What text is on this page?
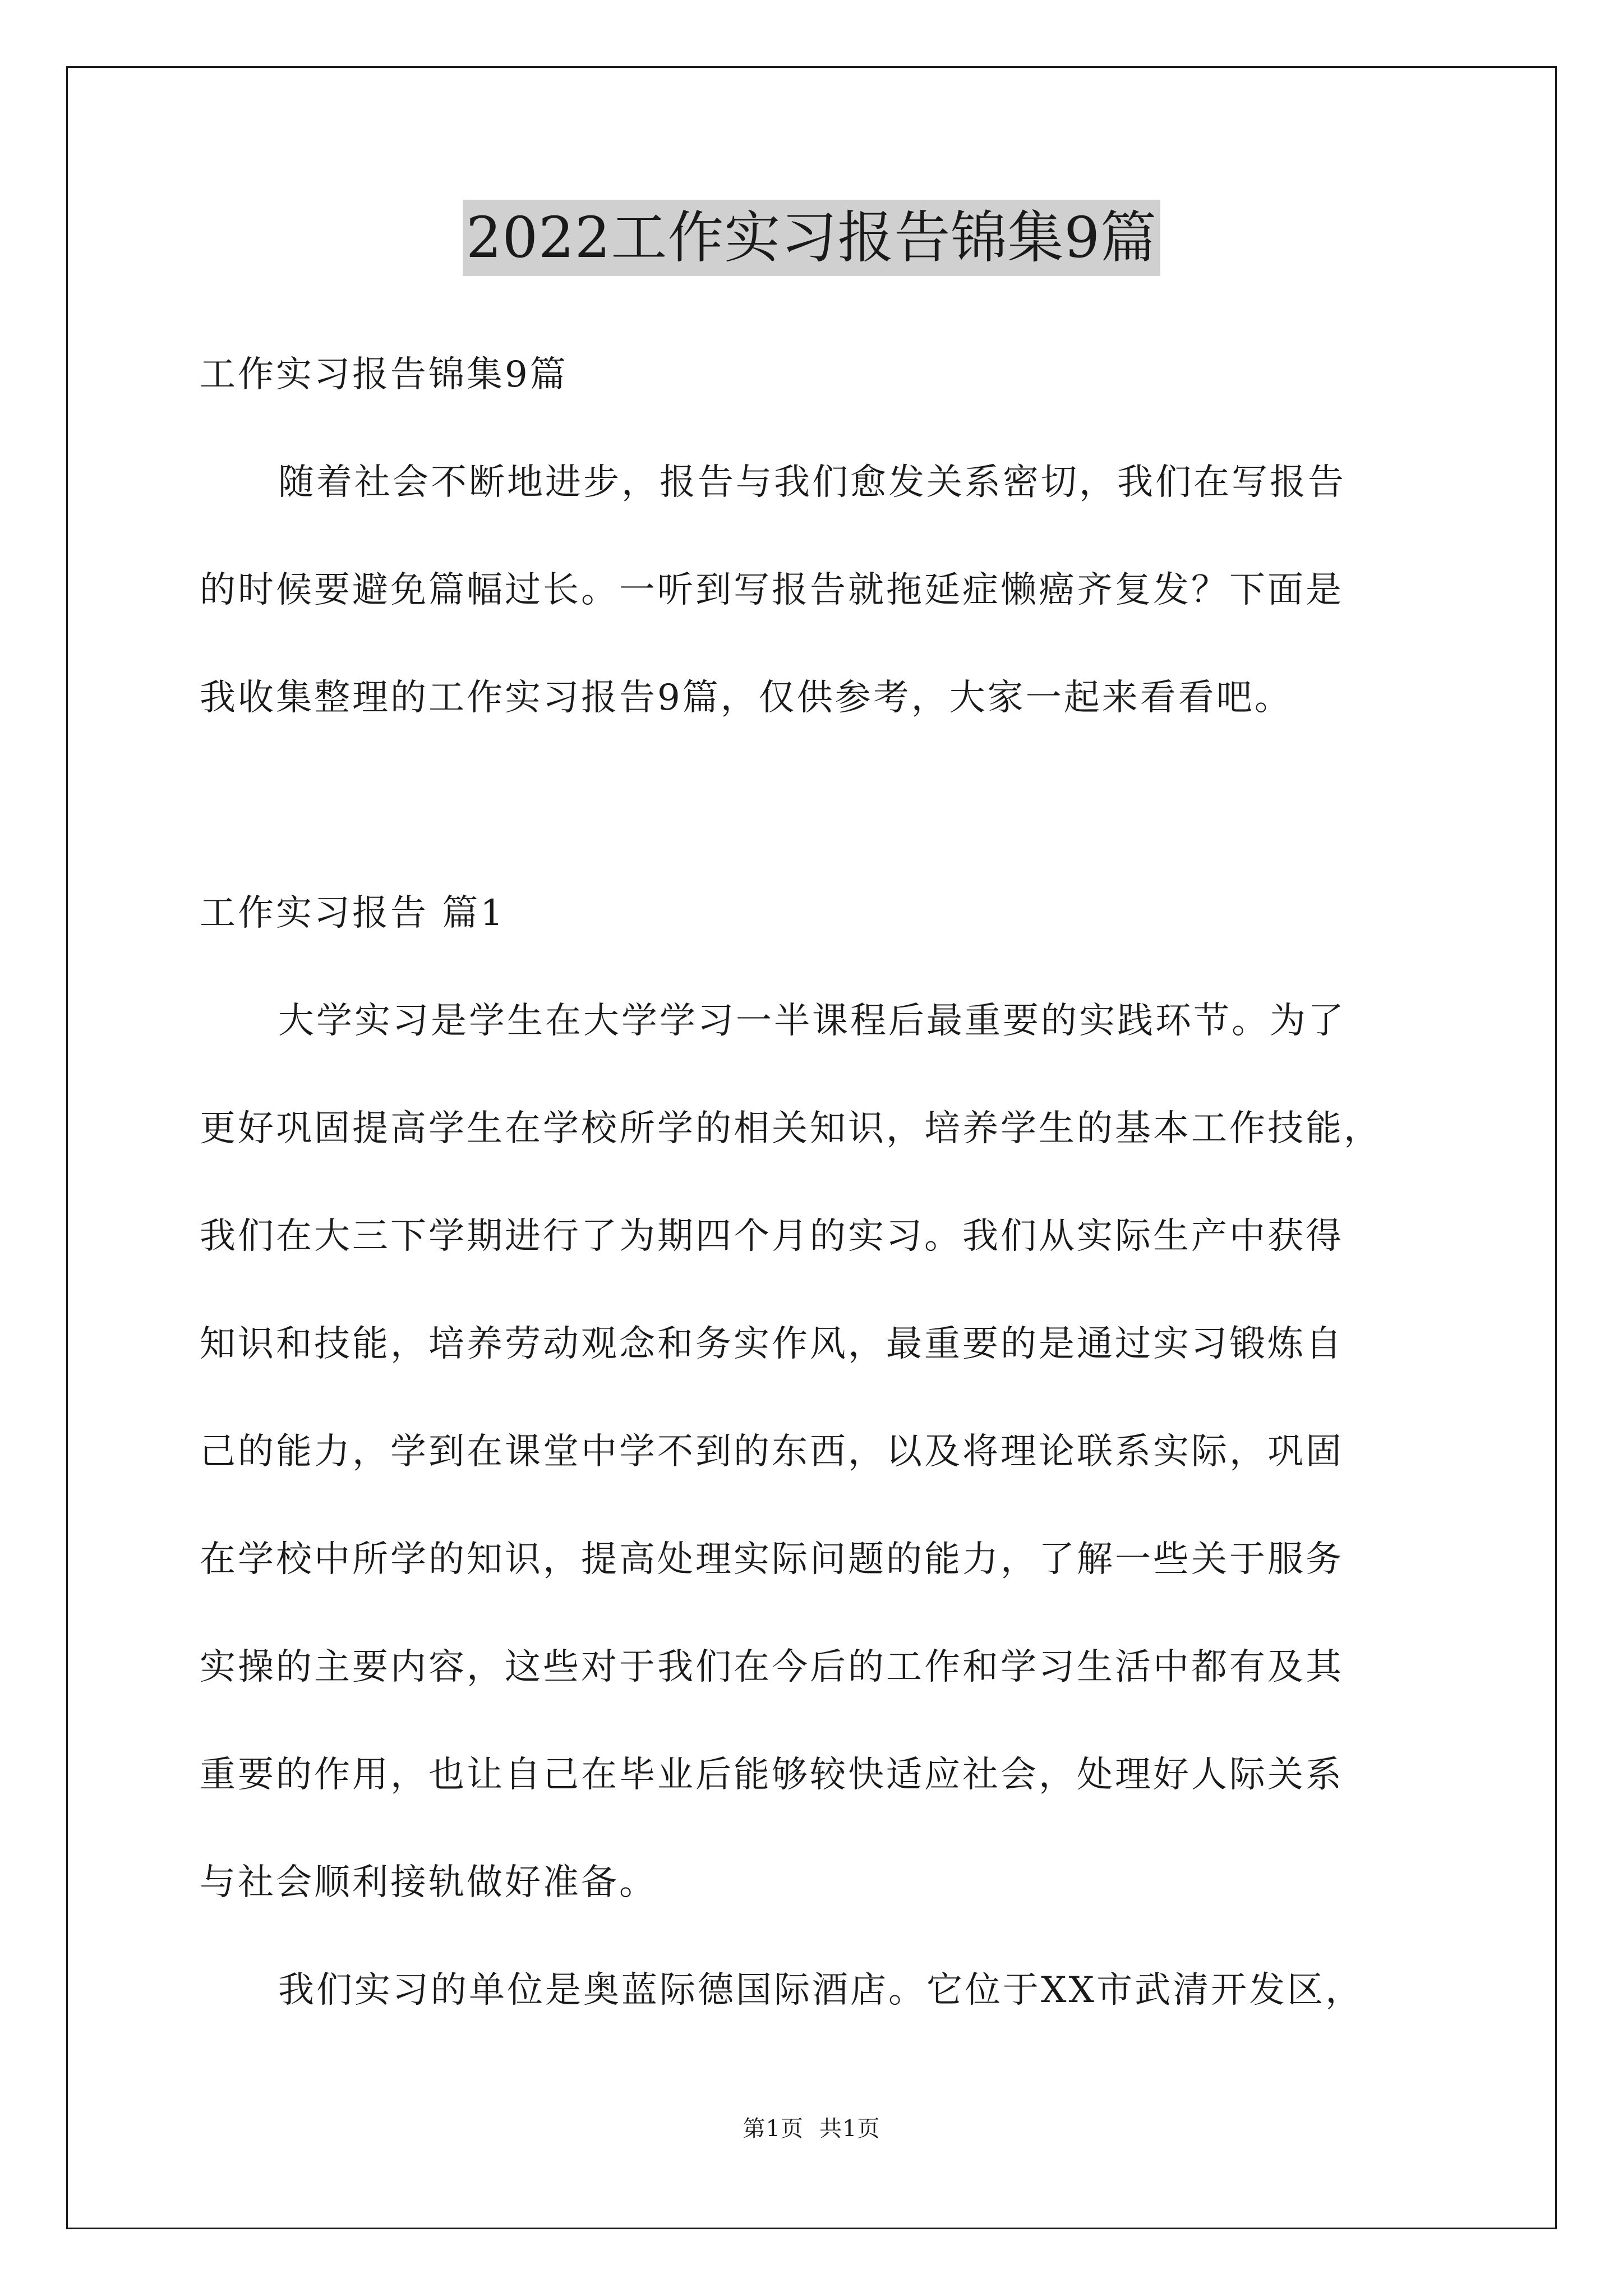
2022工作实习报告锦集9篇
工作实习报告锦集9篇
随着社会不断地进步，报告与我们愈发关系密切，我们在写报告
的时候要避免篇幅过长。一听到写报告就拖延症懒癌齐复发？下面是
我收集整理的工作实习报告9篇，仅供参考，大家一起来看看吧。
工作实习报告 篇1
大学实习是学生在大学学习一半课程后最重要的实践环节。为了
更好巩固提高学生在学校所学的相关知识，培养学生的基本工作技能，
我们在大三下学期进行了为期四个月的实习。我们从实际生产中获得
知识和技能，培养劳动观念和务实作风，最重要的是通过实习锻炼自
己的能力，学到在课堂中学不到的东西，以及将理论联系实际，巩固
在学校中所学的知识，提高处理实际问题的能力，了解一些关于服务
实操的主要内容，这些对于我们在今后的工作和学习生活中都有及其
重要的作用，也让自己在毕业后能够较快适应社会，处理好人际关系
与社会顺利接轨做好准备。
我们实习的单位是奥蓝际德国际酒店。它位于XX市武清开发区，
第1页 共1页
